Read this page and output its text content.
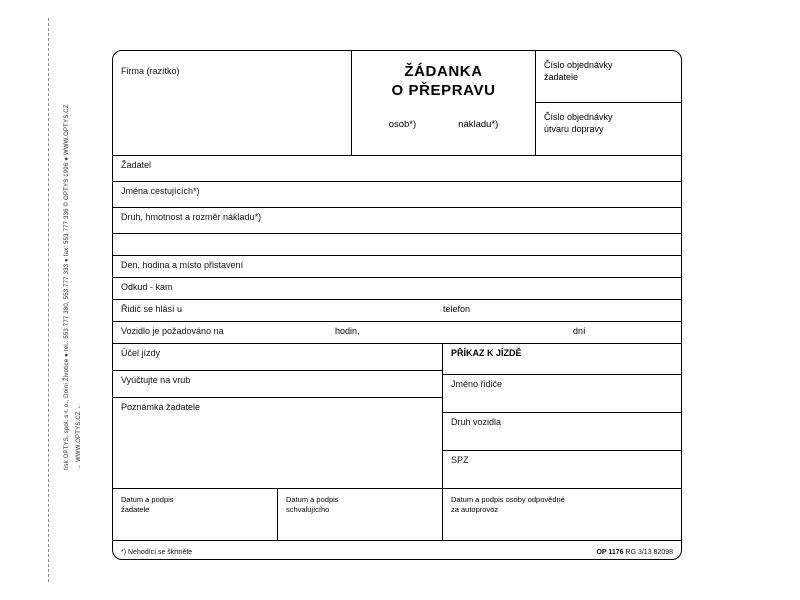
→ WWW.OPTYS.CZ ←
tisk OPTYS, spol. s r. o., Dolní Životice ● tel.: 553 777 380, 553 777 333 ● fax: 553 777 336 © OPTYS 1996 ● WWW.OPTYS.CZ
Firma (razítko)	ŽÁDANKA
O PŘEPRAVU
osob*)	nákladu*)
Číslo objednávky
žadatele
Číslo objednávky
útvaru dopravy
Žadatel
Jména cestujících*)
Druh, hmotnost a rozměr nákladu*)
Den, hodina a místo přistavení
Odkud - kam
Řidič se hlásí u	telefon
Vozidlo je požadováno na	hodin,	dní
Účel jízdy
Vyúčtujte na vrub
Poznámka žadatele
PŘÍKAZ K JÍZDĚ
Jméno řidiče
Druh vozidla
SPZ
Datum a podpis
žadatele
Datum a podpis
schvalujícího
Datum a podpis osoby odpovědné
za autoprovoz
*) Nehodící se škrtněte	OP 1176 RG 3/13 82098
